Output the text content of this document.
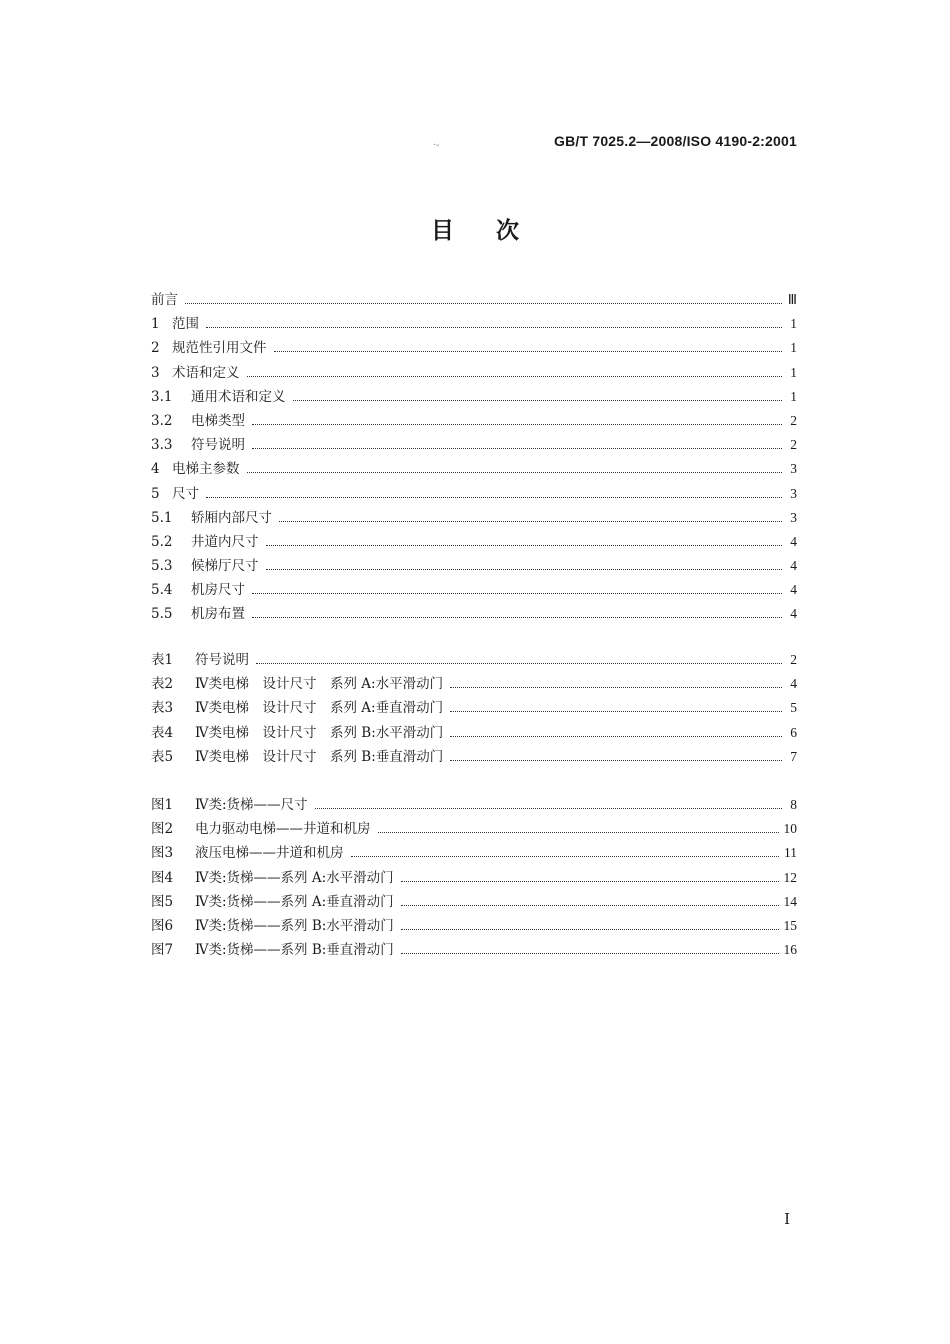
·-	GB/T 7025.2—2008/ISO 4190-2:2001
目次
前言	Ⅲ
1 范围	1
2 规范性引用文件	1
3 术语和定义	1
3.1	通用术语和定义	1
3.2	电梯类型	2
3.3	符号说明	2
4 电梯主参数	3
5 尺寸	3
5.1	轿厢内部尺寸	3
5.2	井道内尺寸	4
5.3	候梯厅尺寸	4
5.4	机房尺寸	4
5.5	机房布置	4
表1	符号说明	2
表2	Ⅳ类电梯　设计尺寸　系列 A:水平滑动门	4
表3	Ⅳ类电梯　设计尺寸　系列 A:垂直滑动门	5
表4	Ⅳ类电梯　设计尺寸　系列 B:水平滑动门	6
表5	Ⅳ类电梯　设计尺寸　系列 B:垂直滑动门	7
图1	Ⅳ类:货梯——尺寸	8
图2	电力驱动电梯——井道和机房	10
图3	液压电梯——井道和机房	11
图4	Ⅳ类:货梯——系列 A:水平滑动门	12
图5	Ⅳ类:货梯——系列 A:垂直滑动门	14
图6	Ⅳ类:货梯——系列 B:水平滑动门	15
图7	Ⅳ类:货梯——系列 B:垂直滑动门	16
I
